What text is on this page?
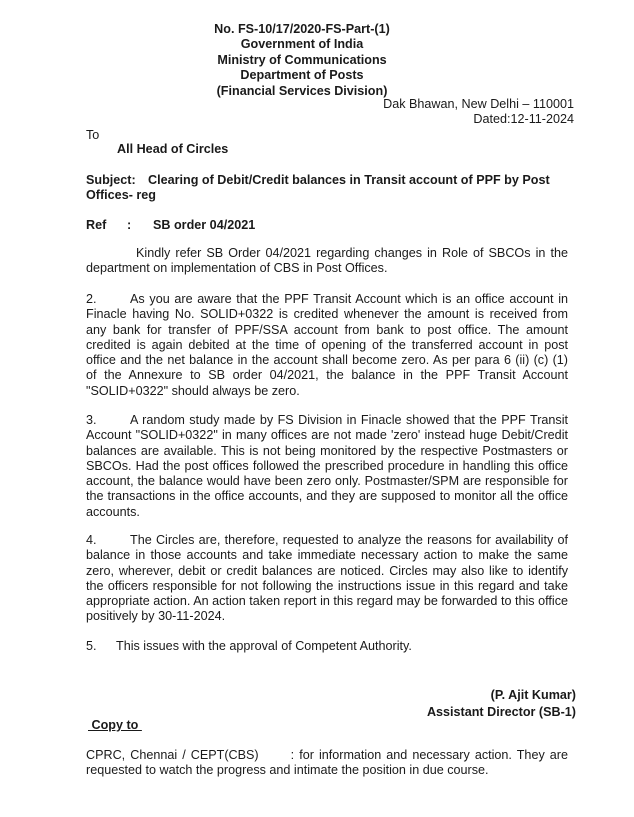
No. FS-10/17/2020-FS-Part-(1)
Government of India
Ministry of Communications
Department of Posts
(Financial Services Division)
Dak Bhawan, New Delhi – 110001
Dated:12-11-2024
To
All Head of Circles
Subject: Clearing of Debit/Credit balances in Transit account of PPF by Post Offices- reg
Ref : SB order 04/2021
Kindly refer SB Order 04/2021 regarding changes in Role of SBCOs in the department on implementation of CBS in Post Offices.
2.	As you are aware that the PPF Transit Account which is an office account in Finacle having No. SOLID+0322 is credited whenever the amount is received from any bank for transfer of PPF/SSA account from bank to post office. The amount credited is again debited at the time of opening of the transferred account in post office and the net balance in the account shall become zero. As per para 6 (ii) (c) (1) of the Annexure to SB order 04/2021, the balance in the PPF Transit Account "SOLID+0322" should always be zero.
3.	A random study made by FS Division in Finacle showed that the PPF Transit Account "SOLID+0322" in many offices are not made 'zero' instead huge Debit/Credit balances are available. This is not being monitored by the respective Postmasters or SBCOs. Had the post offices followed the prescribed procedure in handling this office account, the balance would have been zero only. Postmaster/SPM are responsible for the transactions in the office accounts, and they are supposed to monitor all the office accounts.
4.	The Circles are, therefore, requested to analyze the reasons for availability of balance in those accounts and take immediate necessary action to make the same zero, wherever, debit or credit balances are noticed. Circles may also like to identify the officers responsible for not following the instructions issue in this regard and take appropriate action. An action taken report in this regard may be forwarded to this office positively by 30-11-2024.
5. This issues with the approval of Competent Authority.
(P. Ajit Kumar)
Assistant Director (SB-1)
Copy to
CPRC, Chennai / CEPT(CBS)	: for information and necessary action. They are requested to watch the progress and intimate the position in due course.
